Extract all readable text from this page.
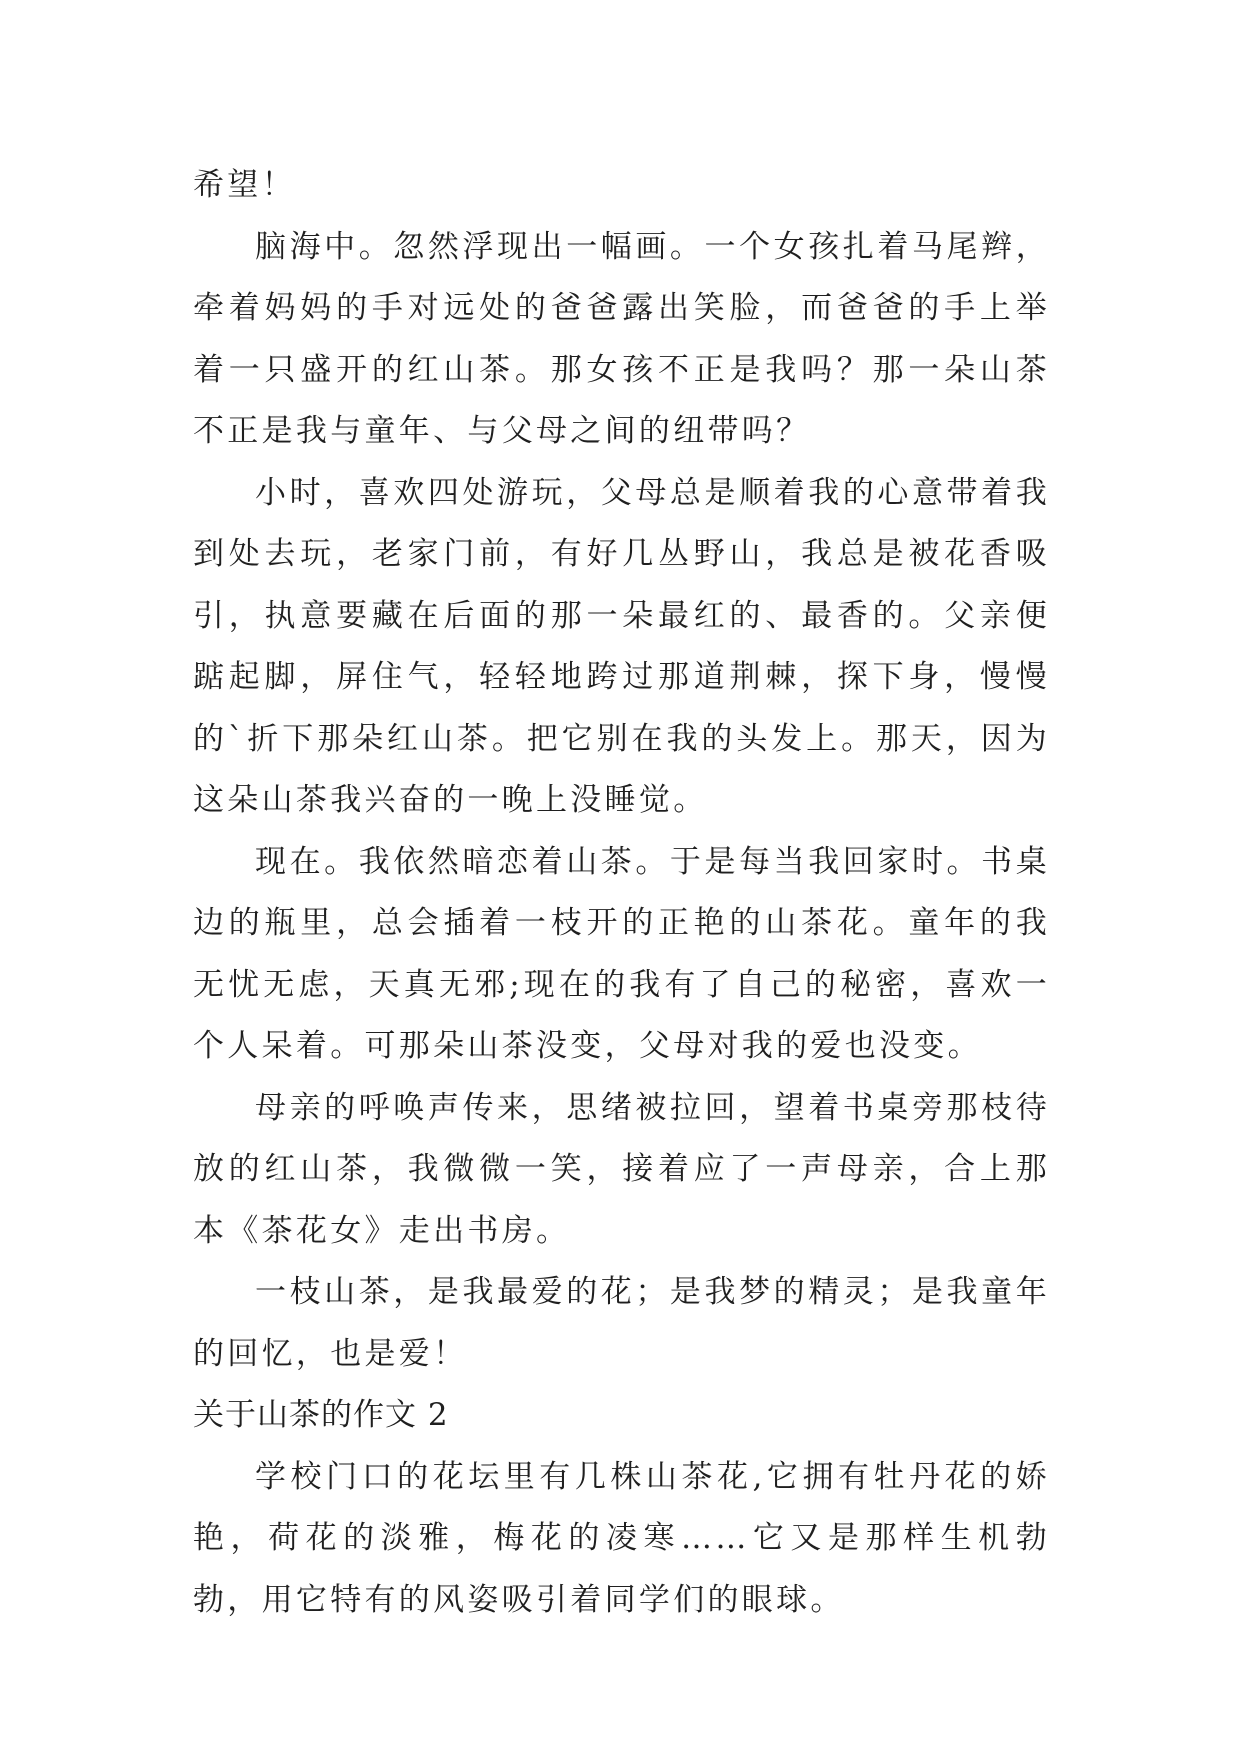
希望！

脑海中。忽然浮现出一幅画。一个女孩扎着马尾辫，牵着妈妈的手对远处的爸爸露出笑脸，而爸爸的手上举着一只盛开的红山茶。那女孩不正是我吗？那一朵山茶不正是我与童年、与父母之间的纽带吗？

小时，喜欢四处游玩，父母总是顺着我的心意带着我到处去玩，老家门前，有好几丛野山，我总是被花香吸引，执意要藏在后面的那一朵最红的、最香的。父亲便踮起脚，屏住气，轻轻地跨过那道荆棘，探下身，慢慢的`折下那朵红山茶。把它别在我的头发上。那天，因为这朵山茶我兴奋的一晚上没睡觉。

现在。我依然暗恋着山茶。于是每当我回家时。书桌边的瓶里，总会插着一枝开的正艳的山茶花。童年的我无忧无虑，天真无邪;现在的我有了自己的秘密，喜欢一个人呆着。可那朵山茶没变，父母对我的爱也没变。

母亲的呼唤声传来，思绪被拉回，望着书桌旁那枝待放的红山茶，我微微一笑，接着应了一声母亲，合上那本《茶花女》走出书房。

一枝山茶，是我最爱的花；是我梦的精灵；是我童年的回忆，也是爱！

关于山茶的作文 2

学校门口的花坛里有几株山茶花,它拥有牡丹花的娇艳，荷花的淡雅，梅花的凌寒……它又是那样生机勃勃，用它特有的风姿吸引着同学们的眼球。
